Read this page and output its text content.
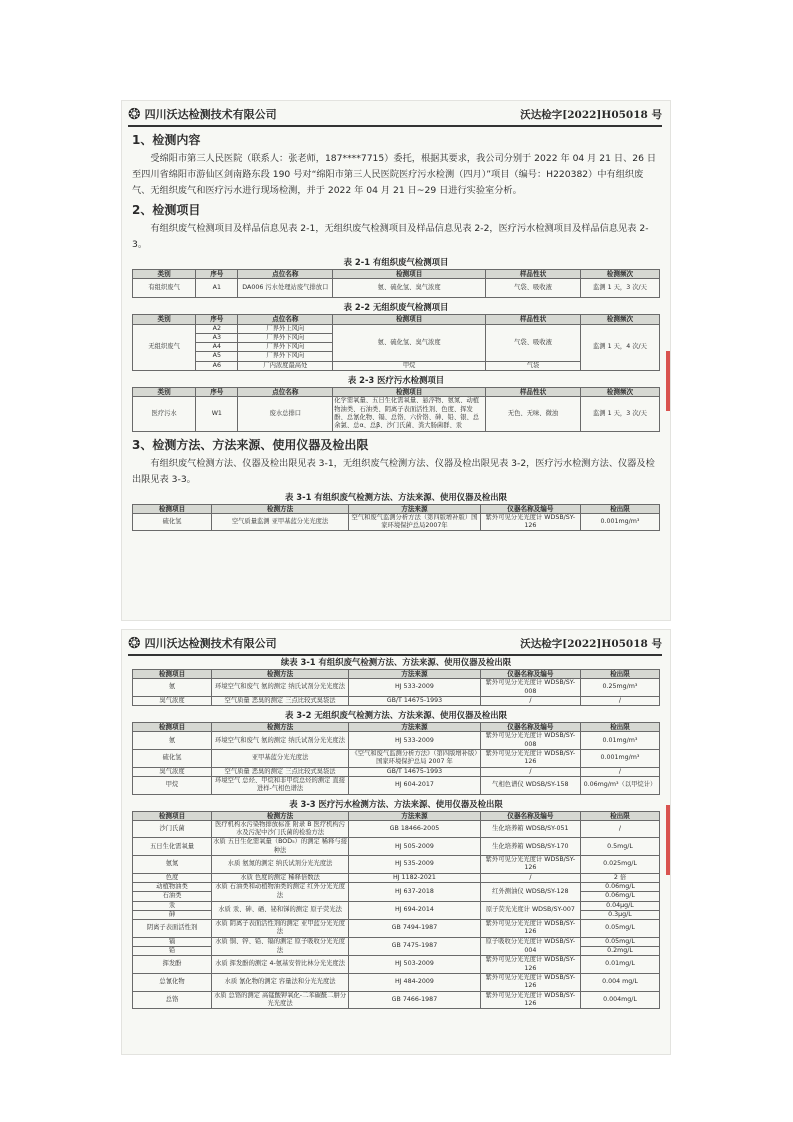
❂ 四川沃达检测技术有限公司	沃达检字[2022]H05018 号
1、检测内容

受绵阳市第三人民医院（联系人：张老师，187****7715）委托，根据其要求，我公司分别于 2022 年 04 月 21 日、26 日至四川省绵阳市游仙区剑南路东段 190 号对“绵阳市第三人民医院医疗污水检测（四月）”项目（编号：H220382）中有组织废气、无组织废气和医疗污水进行现场检测，并于 2022 年 04 月 21 日~29 日进行实验室分析。

2、检测项目

有组织废气检测项目及样品信息见表 2-1，无组织废气检测项目及样品信息见表 2-2，医疗污水检测项目及样品信息见表 2-3。

表 2-1 有组织废气检测项目
类别	序号	点位名称	检测项目	样品性状	检测频次
有组织废气	A1	DA006 污水处理站废气排放口	氨、硫化氢、臭气浓度	气袋、吸收液	监测 1 天，3 次/天
表 2-2 无组织废气检测项目
类别	序号	点位名称	检测项目	样品性状	检测频次
无组织废气	A2	厂界外上风向	氨、硫化氢、臭气浓度	气袋、吸收液	监测 1 天，4 次/天
	A3	厂界外下风向			
	A4	厂界外下风向			
	A5	厂界外下风向			
	A6	厂内浓度最高处	甲烷	气袋	
表 2-3 医疗污水检测项目
类别	序号	点位名称	检测项目	样品性状	检测频次
医疗污水	W1	废水总排口	化学需氧量、五日生化需氧量、悬浮物、氨氮、动植物油类、石油类、阴离子表面活性剂、色度、挥发酚、总氰化物、镉、总铬、六价铬、砷、铅、银、总余氯、总α、总β、沙门氏菌、粪大肠菌群、汞	无色、无味、微浊	监测 1 天，3 次/天
3、检测方法、方法来源、使用仪器及检出限

有组织废气检测方法、仪器及检出限见表 3-1，无组织废气检测方法、仪器及检出限见表 3-2，医疗污水检测方法、仪器及检出限见表 3-3。

表 3-1 有组织废气检测方法、方法来源、使用仪器及检出限
检测项目	检测方法	方法来源	仪器名称及编号	检出限
硫化氢	空气质量监测 亚甲基蓝分光光度法	空气和废气监测分析方法（第四版增补版）国家环境保护总局2007年	紫外可见分光光度计 WDSB/SY-126	0.001mg/m³
❂ 四川沃达检测技术有限公司	沃达检字[2022]H05018 号
续表 3-1 有组织废气检测方法、方法来源、使用仪器及检出限
检测项目	检测方法	方法来源	仪器名称及编号	检出限
氨	环境空气和废气 氨的测定 纳氏试剂分光光度法	HJ 533-2009	紫外可见分光光度计 WDSB/SY-008	0.25mg/m³
臭气浓度	空气质量 恶臭的测定 三点比较式臭袋法	GB/T 14675-1993	/	/
表 3-2 无组织废气检测方法、方法来源、使用仪器及检出限
检测项目	检测方法	方法来源	仪器名称及编号	检出限
氨	环境空气和废气 氨的测定 纳氏试剂分光光度法	HJ 533-2009	紫外可见分光光度计 WDSB/SY-008	0.01mg/m³
硫化氢	亚甲基蓝分光光度法	《空气和废气监测分析方法》（第四版增补版）国家环境保护总局 2007 年	紫外可见分光光度计 WDSB/SY-126	0.001mg/m³
臭气浓度	空气质量 恶臭的测定 三点比较式臭袋法	GB/T 14675-1993	/	/
甲烷	环境空气 总烃、甲烷和非甲烷总烃的测定 直接进样-气相色谱法	HJ 604-2017	气相色谱仪 WDSB/SY-158	0.06mg/m³（以甲烷计）
表 3-3 医疗污水检测方法、方法来源、使用仪器及检出限
检测项目	检测方法	方法来源	仪器名称及编号	检出限
沙门氏菌	医疗机构水污染物排放标准 附录 B 医疗机构污水及污泥中沙门氏菌的检验方法	GB 18466-2005	生化培养箱 WDSB/SY-051	/
五日生化需氧量	水质 五日生化需氧量（BOD₅）的测定 稀释与接种法	HJ 505-2009	生化培养箱 WDSB/SY-170	0.5mg/L
氨氮	水质 氨氮的测定 纳氏试剂分光光度法	HJ 535-2009	紫外可见分光光度计 WDSB/SY-126	0.025mg/L
色度	水质 色度的测定 稀释倍数法	HJ 1182-2021	/	2 倍
动植物油类	水质 石油类和动植物油类的测定 红外分光光度法	HJ 637-2018	红外测油仪 WDSB/SY-128	0.06mg/L
石油类				0.06mg/L
汞	水质 汞、砷、硒、铋和锑的测定 原子荧光法	HJ 694-2014	原子荧光光度计 WDSB/SY-007	0.04μg/L
砷				0.3μg/L
阴离子表面活性剂	水质 阴离子表面活性剂的测定 亚甲蓝分光光度法	GB 7494-1987	紫外可见分光光度计 WDSB/SY-126	0.05mg/L
镉	水质 铜、锌、铅、镉的测定 原子吸收分光光度法	GB 7475-1987	原子吸收分光光度计 WDSB/SY-004	0.05mg/L
铅				0.2mg/L
挥发酚	水质 挥发酚的测定 4-氨基安替比林分光光度法	HJ 503-2009	紫外可见分光光度计 WDSB/SY-126	0.01mg/L
总氰化物	水质 氰化物的测定 容量法和分光光度法	HJ 484-2009	紫外可见分光光度计 WDSB/SY-126	0.004 mg/L
总铬	水质 总铬的测定 高锰酸钾氧化-二苯碳酰二肼分光光度法	GB 7466-1987	紫外可见分光光度计 WDSB/SY-126	0.004mg/L
